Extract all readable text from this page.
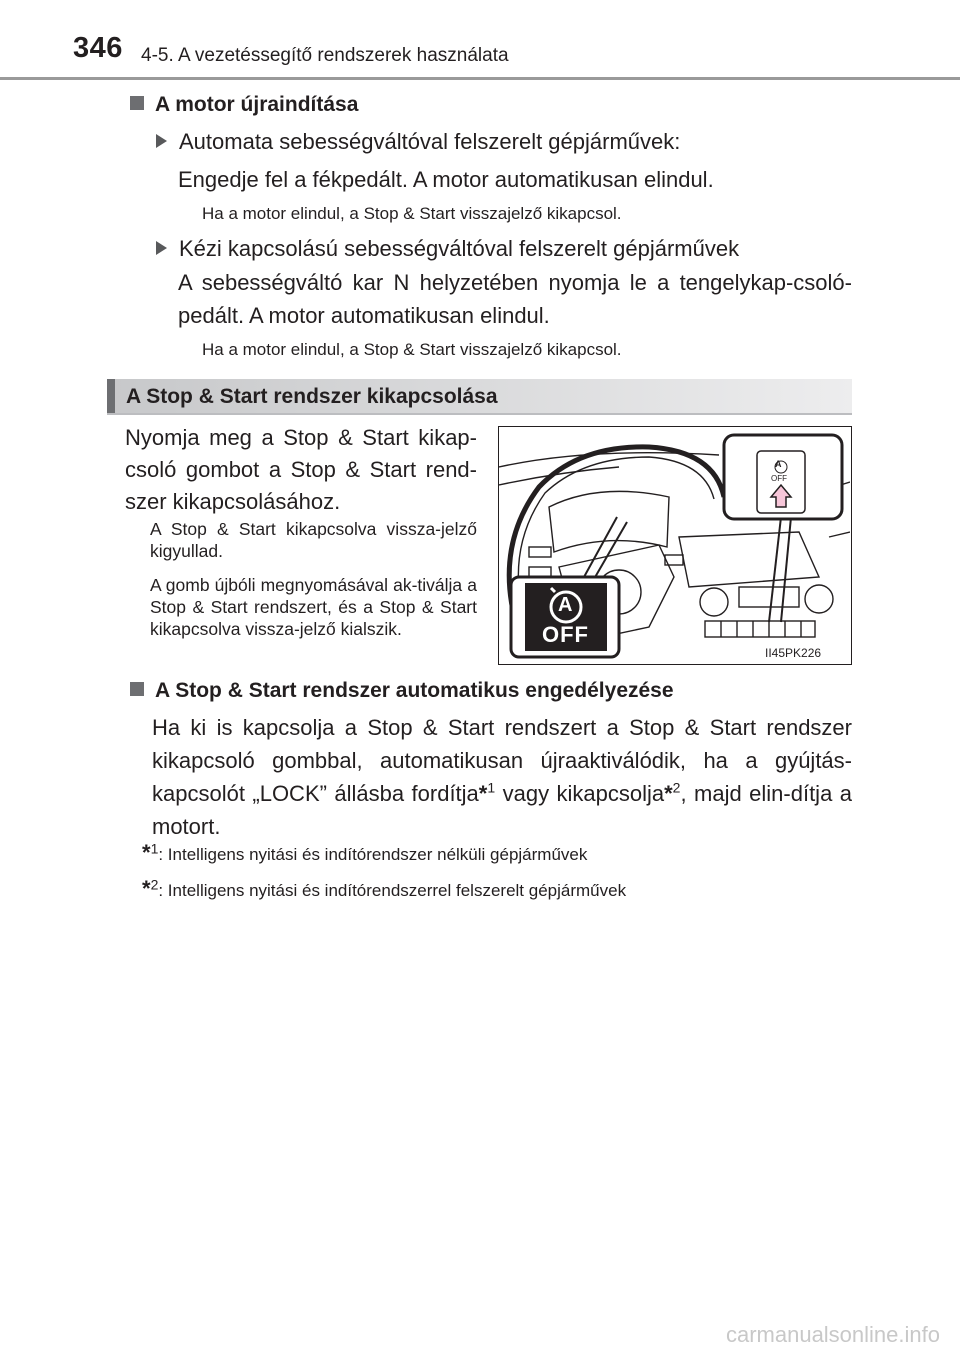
346 4-5. A vezetéssegítő rendszerek használata
A motor újraindítása
Automata sebességváltóval felszerelt gépjárművek:
Engedje fel a fékpedált. A motor automatikusan elindul.
Ha a motor elindul, a Stop & Start visszajelző kikapcsol.
Kézi kapcsolású sebességváltóval felszerelt gépjárművek
A sebességváltó kar N helyzetében nyomja le a tengelykap-csoló-pedált. A motor automatikusan elindul.
Ha a motor elindul, a Stop & Start visszajelző kikapcsol.
A Stop & Start rendszer kikapcsolása
Nyomja meg a Stop & Start kikap-csoló gombot a Stop & Start rend-szer kikapcsolásához.
A Stop & Start kikapcsolva vissza-jelző kigyullad.
A gomb újbóli megnyomásával ak-tiválja a Stop & Start rendszert, és a Stop & Start kikapcsolva vissza-jelző kialszik.
A
OFF
A
OFF
II45PK226
A Stop & Start rendszer automatikus engedélyezése
Ha ki is kapcsolja a Stop & Start rendszert a Stop & Start rendszer kikapcsoló gombbal, automatikusan újraaktiválódik, ha a gyújtás-kapcsolót „LOCK” állásba fordítja*$^1$ vagy kikapcsolja*$^2$, majd elin-dítja a motort.
*$^1$: Intelligens nyitási és indítórendszer nélküli gépjárművek
*$^2$: Intelligens nyitási és indítórendszerrel felszerelt gépjárművek
carmanualsonline.info
